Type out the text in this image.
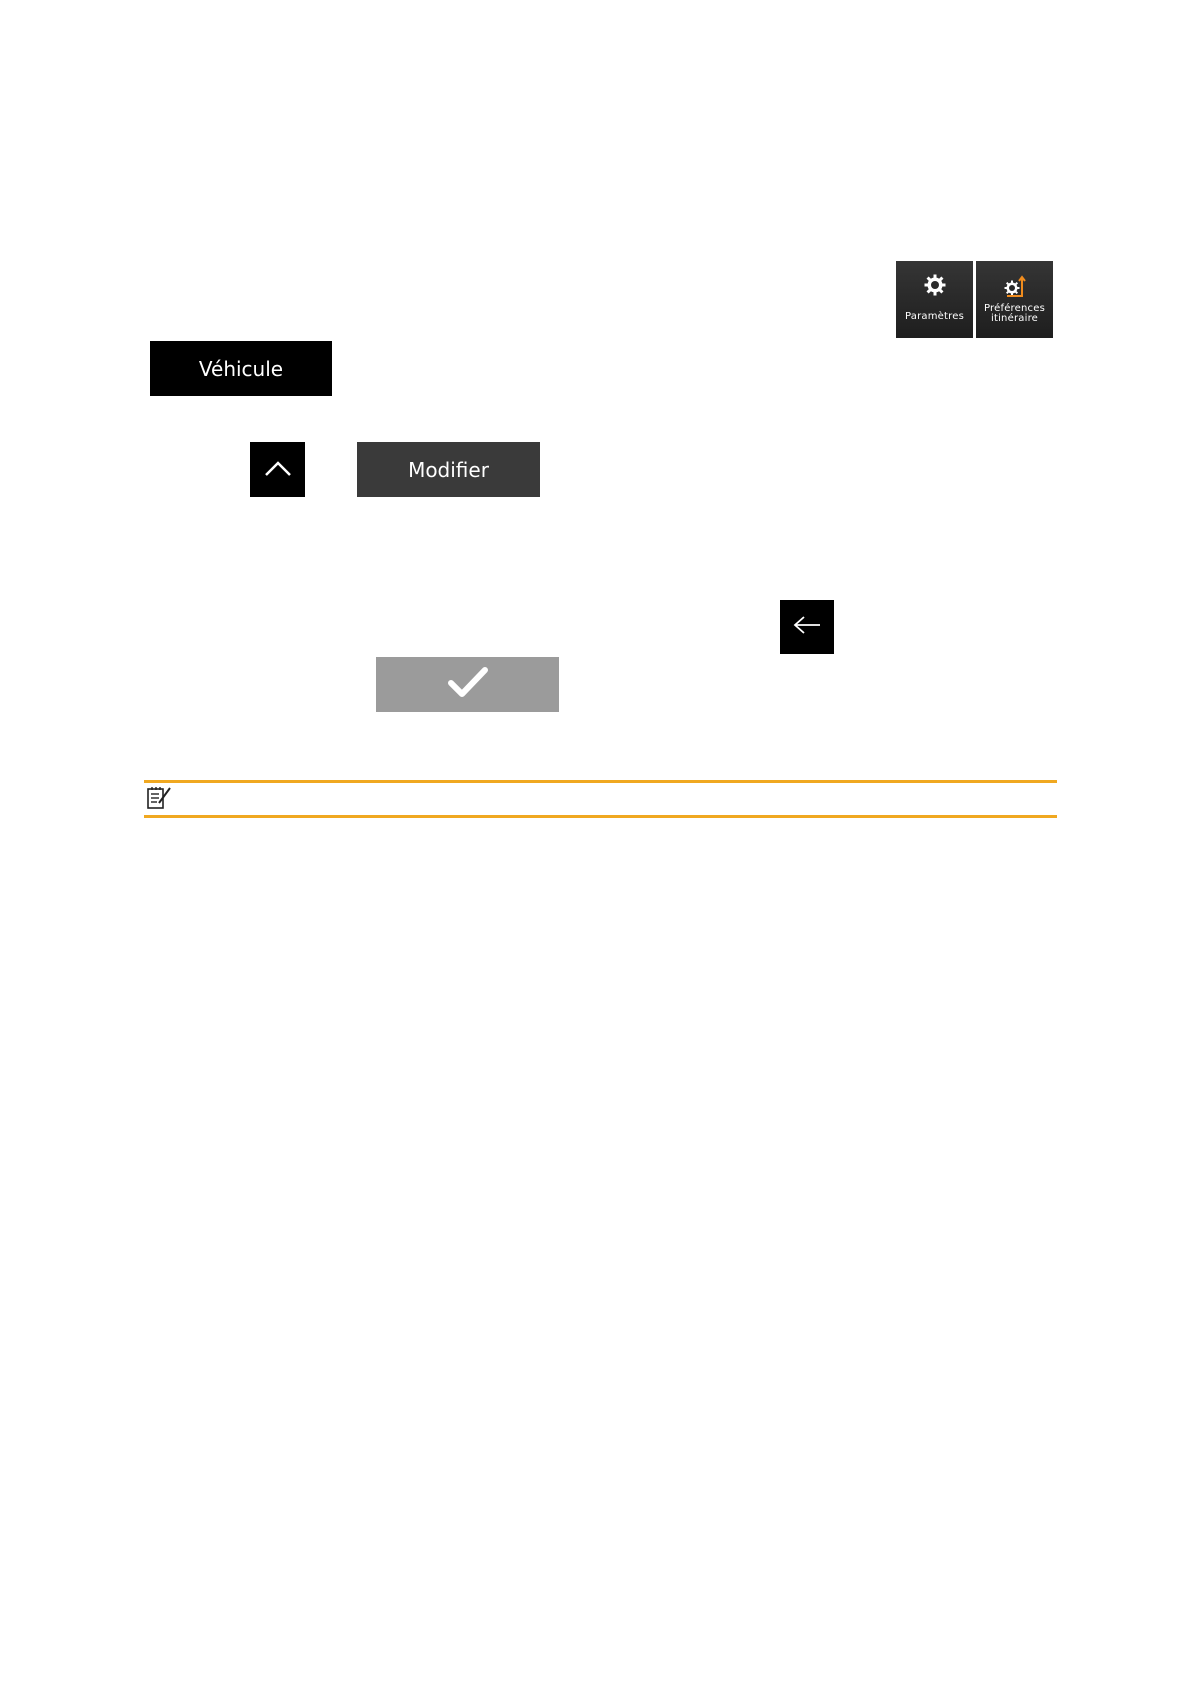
Paramètres
Préférences
itinéraire
Véhicule
Modifier
